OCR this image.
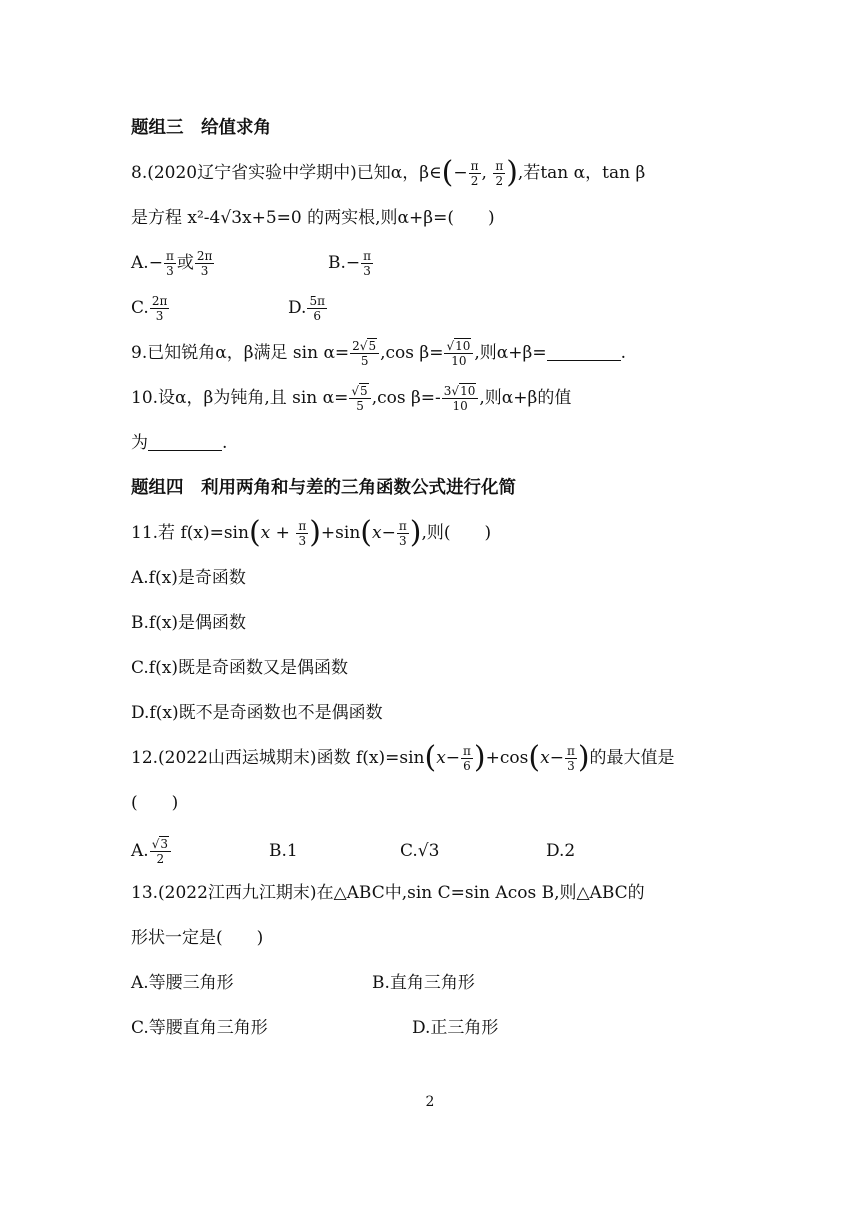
题组三　给值求角
8.(2020辽宁省实验中学期中)已知α，β∈(− $\frac{\pi}{2}$ , $\frac{\pi}{2}$ ),若tan α，tan β
是方程 x²-4√3x+5=0 的两实根,则α+β=(　　)
$A.- \frac{\pi}{3}$ 或 $\frac{2\pi}{3}$	$B.- \frac{\pi}{3}$
C. $\frac{2\pi}{3}$	D. $\frac{5\pi}{6}$
9.已知锐角α，β满足 $\sin \alpha= \frac{2√5}{5} ,\cos$ $\beta= \frac{√10}{10}$ ,则α+β=	.
10.设α，β为钝角,且 $\sin \alpha= \frac{√5}{5} ,\cos$ $\beta=- \frac{3√10}{10}$ ,则α+β的值
为	.
题组四　利用两角和与差的三角函数公式进行化简
11.若 $f(x)=\sin(x + \frac{\pi}{3} )+\sin(x- \frac{\pi}{3}$ ),则(　　)
A.f(x)是奇函数
B.f(x)是偶函数
C.f(x)既是奇函数又是偶函数
D.f(x)既不是奇函数也不是偶函数
12.(2022山西运城期末)函数 $f(x)=\sin(x- \frac{\pi}{6} )+\cos(x- \frac{\pi}{3}$ )的最大值是
(　　)
A. $\frac{√3}{2}$	B.1	C.√3	D.2
13.(2022江西九江期末)在△ABC中,sin C=sin Acos B,则△ABC的
形状一定是(　　)
A.等腰三角形	B.直角三角形
C.等腰直角三角形	D.正三角形
2
